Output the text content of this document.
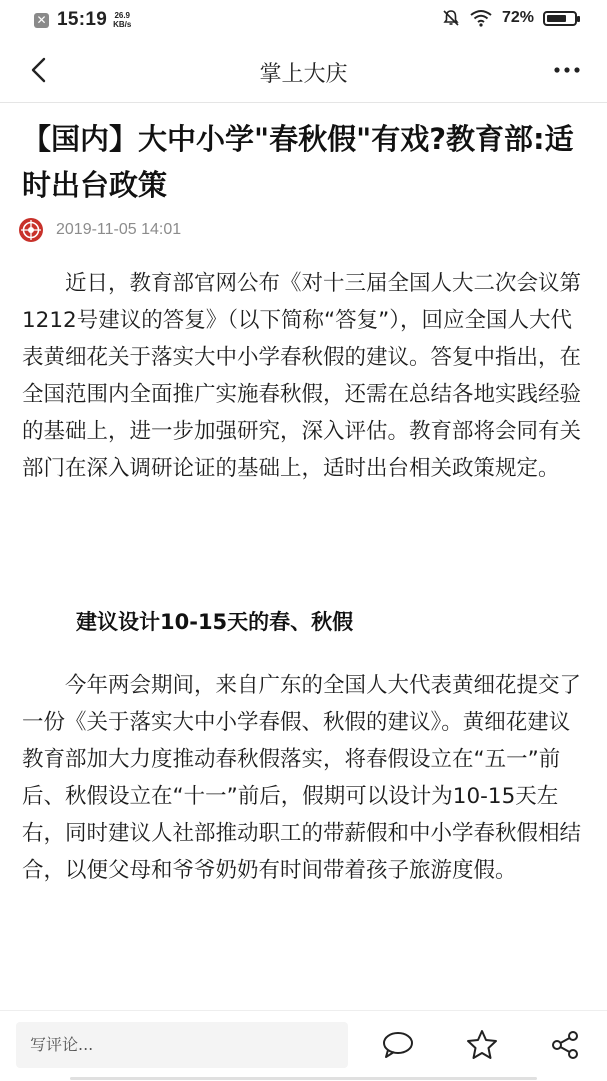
✕ 15:19 26.9
KB/s	72%
掌上大庆
【国内】大中小学"春秋假"有戏?教育部:适时出台政策
2019-11-05 14:01

近日，教育部官网公布《对十三届全国人大二次会议第1212号建议的答复》（以下简称“答复”），回应全国人大代表黄细花关于落实大中小学春秋假的建议。答复中指出，在全国范围内全面推广实施春秋假，还需在总结各地实践经验的基础上，进一步加强研究，深入评估。教育部将会同有关部门在深入调研论证的基础上，适时出台相关政策规定。

建议设计10-15天的春、秋假

今年两会期间，来自广东的全国人大代表黄细花提交了一份《关于落实大中小学春假、秋假的建议》。黄细花建议教育部加大力度推动春秋假落实，将春假设立在“五一”前后、秋假设立在“十一”前后，假期可以设计为10-15天左右，同时建议人社部推动职工的带薪假和中小学春秋假相结合，以便父母和爷爷奶奶有时间带着孩子旅游度假。

写评论...
